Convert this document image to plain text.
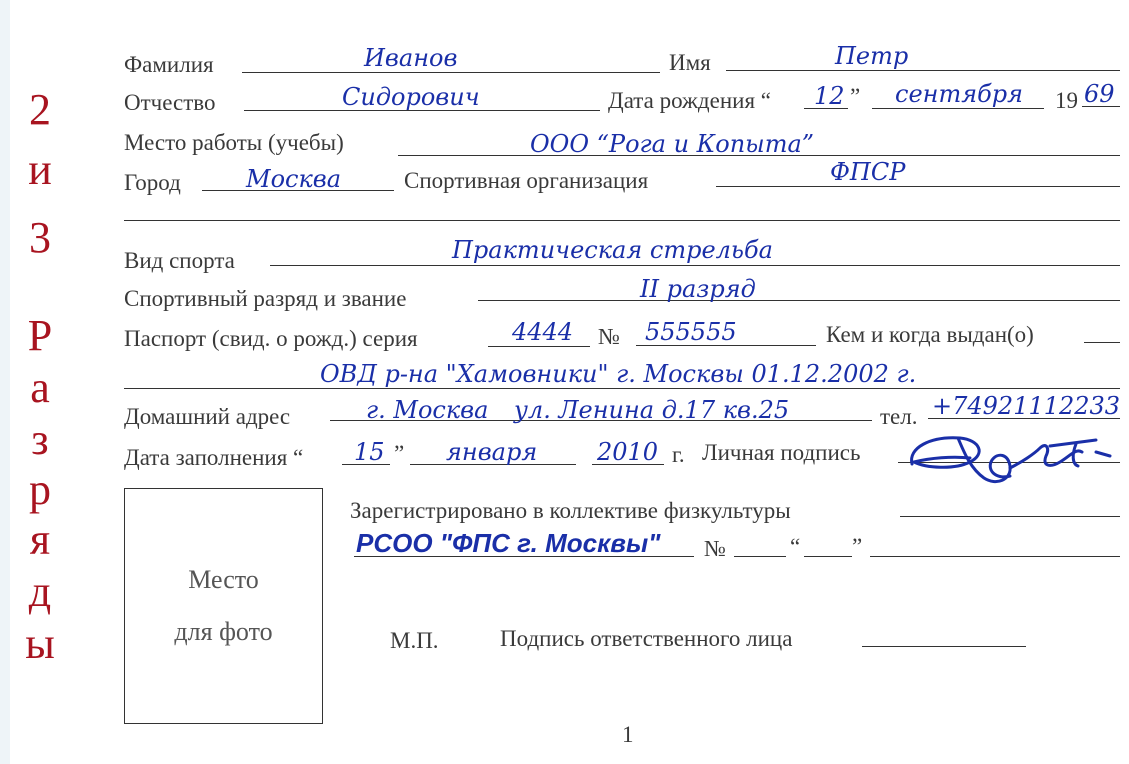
2
и
3
Р
а
з
р
я
д
ы
Фамилия	Иванов	Имя	Петр
Отчество	Сидорович	Дата рождения “ 12 ” сентября 19 69
Место работы (учебы)	ООО “Рога и Копыта”
Город	Москва	Спортивная организация	ФПСР
Вид спорта	Практическая стрельба
Спортивный разряд и звание	II разряд
Паспорт (свид. о рожд.) серия	4444 № 555555	Кем и когда выдан(о)
ОВД р-на "Хамовники" г. Москвы 01.12.2002 г.
Домашний адрес	г. Москва ул. Ленина д.17 кв.25	тел. +74921112233
Дата заполнения “ 15 ” января 2010 г. Личная подпись
Место
для фото
Зарегистрировано в коллективе физкультуры
РСОО "ФПС г. Москвы" №	“ ”
М.П.	Подпись ответственного лица
1
